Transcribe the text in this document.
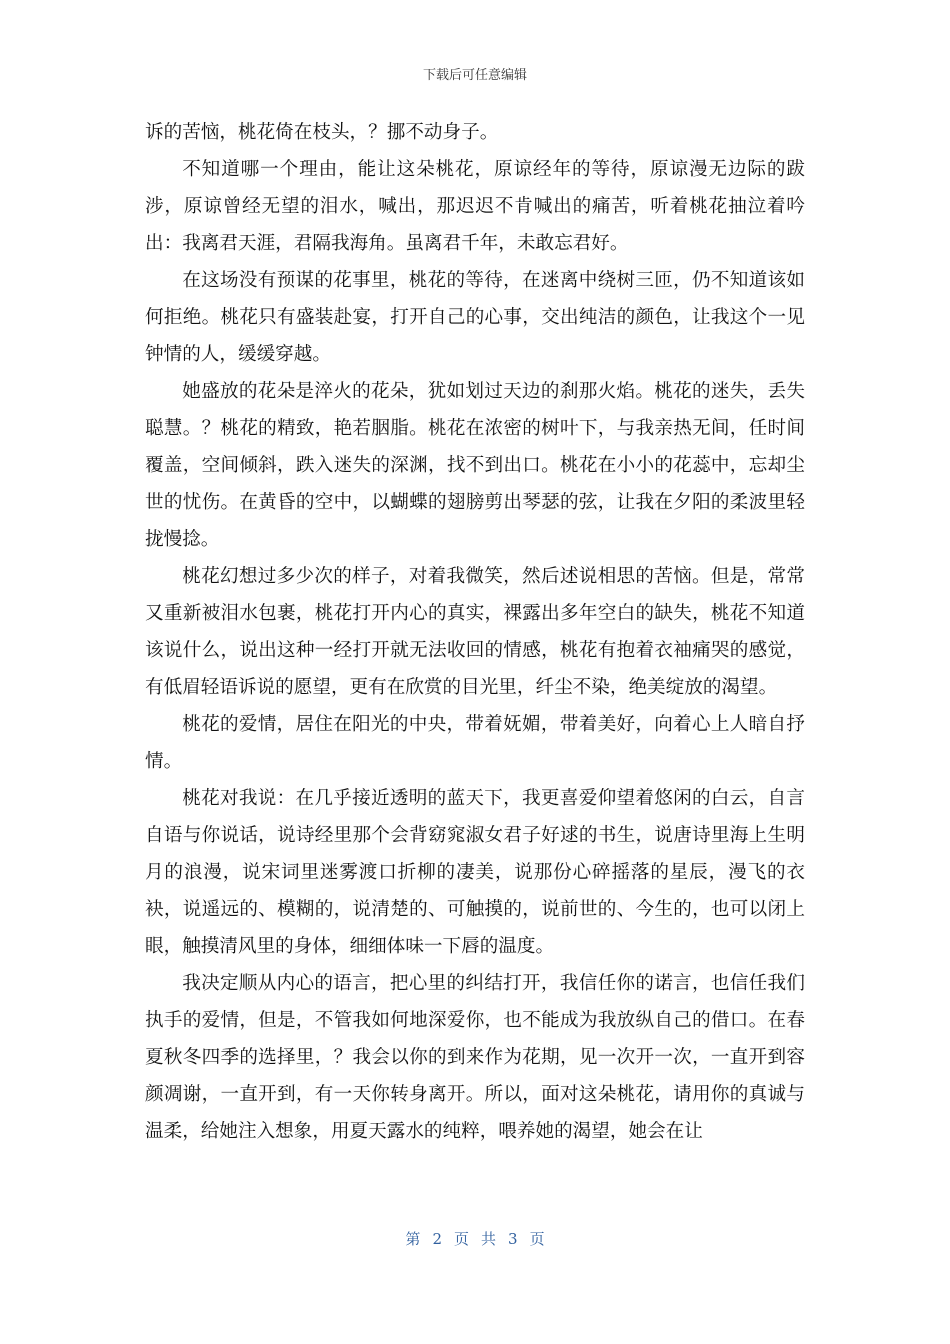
下载后可任意编辑

诉的苦恼，桃花倚在枝头，？挪不动身子。

不知道哪一个理由，能让这朵桃花，原谅经年的等待，原谅漫无边际的跋涉，原谅曾经无望的泪水，喊出，那迟迟不肯喊出的痛苦，听着桃花抽泣着吟出：我离君天涯，君隔我海角。虽离君千年，未敢忘君好。

在这场没有预谋的花事里，桃花的等待，在迷离中绕树三匝，仍不知道该如何拒绝。桃花只有盛装赴宴，打开自己的心事，交出纯洁的颜色，让我这个一见钟情的人，缓缓穿越。

她盛放的花朵是淬火的花朵，犹如划过天边的刹那火焰。桃花的迷失，丢失聪慧。？桃花的精致，艳若胭脂。桃花在浓密的树叶下，与我亲热无间，任时间覆盖，空间倾斜，跌入迷失的深渊，找不到出口。桃花在小小的花蕊中，忘却尘世的忧伤。在黄昏的空中，以蝴蝶的翅膀剪出琴瑟的弦，让我在夕阳的柔波里轻拢慢捻。

桃花幻想过多少次的样子，对着我微笑，然后述说相思的苦恼。但是，常常又重新被泪水包裹，桃花打开内心的真实，裸露出多年空白的缺失，桃花不知道该说什么，说出这种一经打开就无法收回的情感，桃花有抱着衣袖痛哭的感觉，有低眉轻语诉说的愿望，更有在欣赏的目光里，纤尘不染，绝美绽放的渴望。

桃花的爱情，居住在阳光的中央，带着妩媚，带着美好，向着心上人暗自抒情。

桃花对我说：在几乎接近透明的蓝天下，我更喜爱仰望着悠闲的白云，自言自语与你说话，说诗经里那个会背窈窕淑女君子好逑的书生，说唐诗里海上生明月的浪漫，说宋词里迷雾渡口折柳的凄美，说那份心碎摇落的星辰，漫飞的衣袂，说遥远的、模糊的，说清楚的、可触摸的，说前世的、今生的，也可以闭上眼，触摸清风里的身体，细细体味一下唇的温度。

我决定顺从内心的语言，把心里的纠结打开，我信任你的诺言，也信任我们执手的爱情，但是，不管我如何地深爱你，也不能成为我放纵自己的借口。在春夏秋冬四季的选择里，？我会以你的到来作为花期，见一次开一次，一直开到容颜凋谢，一直开到，有一天你转身离开。所以，面对这朵桃花，请用你的真诚与温柔，给她注入想象，用夏天露水的纯粹，喂养她的渴望，她会在让

第 2 页 共 3 页
